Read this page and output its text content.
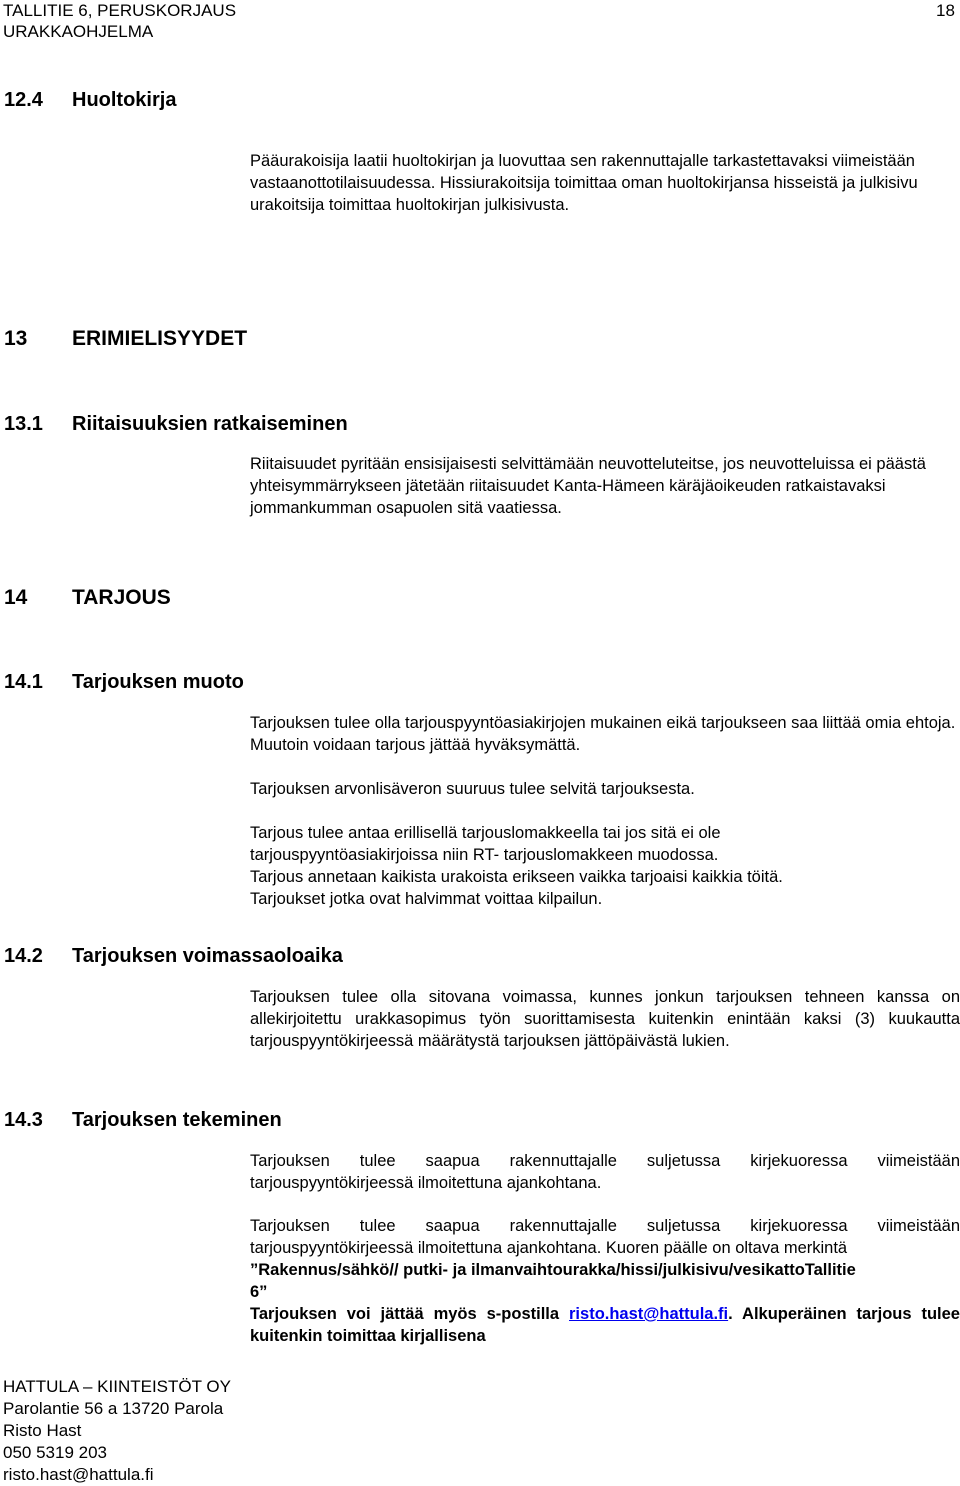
TALLITIE 6, PERUSKORJAUS
URAKKAOHJELMA
18
12.4 Huoltokirja
Pääurakoisija laatii huoltokirjan ja luovuttaa sen rakennuttajalle tarkastettavaksi viimeistään vastaanottotilaisuudessa. Hissiurakoitsija toimittaa oman huoltokirjansa hisseistä ja julkisivu urakoitsija toimittaa huoltokirjan julkisivusta.
13 ERIMIELISYYDET
13.1 Riitaisuuksien ratkaiseminen
Riitaisuudet pyritään ensisijaisesti selvittämään neuvotteluteitse, jos neuvotteluissa ei päästä yhteisymmärrykseen jätetään riitaisuudet Kanta-Hämeen käräjäoikeuden ratkaistavaksi jommankumman osapuolen sitä vaatiessa.
14 TARJOUS
14.1 Tarjouksen muoto
Tarjouksen tulee olla tarjouspyyntöasiakirjojen mukainen eikä tarjoukseen saa liittää omia ehtoja. Muutoin voidaan tarjous jättää hyväksymättä.
Tarjouksen arvonlisäveron suuruus tulee selvitä tarjouksesta.
Tarjous tulee antaa erillisellä tarjouslomakkeella tai jos sitä ei ole
tarjouspyyntöasiakirjoissa niin RT- tarjouslomakkeen muodossa.
Tarjous annetaan kaikista urakoista erikseen vaikka tarjoaisi kaikkia töitä.
Tarjoukset jotka ovat halvimmat voittaa kilpailun.
14.2 Tarjouksen voimassaoloaika
Tarjouksen tulee olla sitovana voimassa, kunnes jonkun tarjouksen tehneen kanssa on allekirjoitettu urakkasopimus työn suorittamisesta kuitenkin enintään kaksi (3) kuukautta tarjouspyyntökirjeessä määrätystä tarjouksen jättöpäivästä lukien.
14.3 Tarjouksen tekeminen
Tarjouksen tulee saapua rakennuttajalle suljetussa kirjekuoressa viimeistään tarjouspyyntökirjeessä ilmoitettuna ajankohtana.
Tarjouksen tulee saapua rakennuttajalle suljetussa kirjekuoressa viimeistään tarjouspyyntökirjeessä ilmoitettuna ajankohtana. Kuoren päälle on oltava merkintä
”Rakennus/sähkö// putki- ja ilmanvaihtourakka/hissi/julkisivu/vesikattoTallitie
6”
Tarjouksen voi jättää myös s-postilla risto.hast@hattula.fi. Alkuperäinen tarjous tulee kuitenkin toimittaa kirjallisena
HATTULA – KIINTEISTÖT OY
Parolantie 56 a 13720 Parola
Risto Hast
050 5319 203
risto.hast@hattula.fi
